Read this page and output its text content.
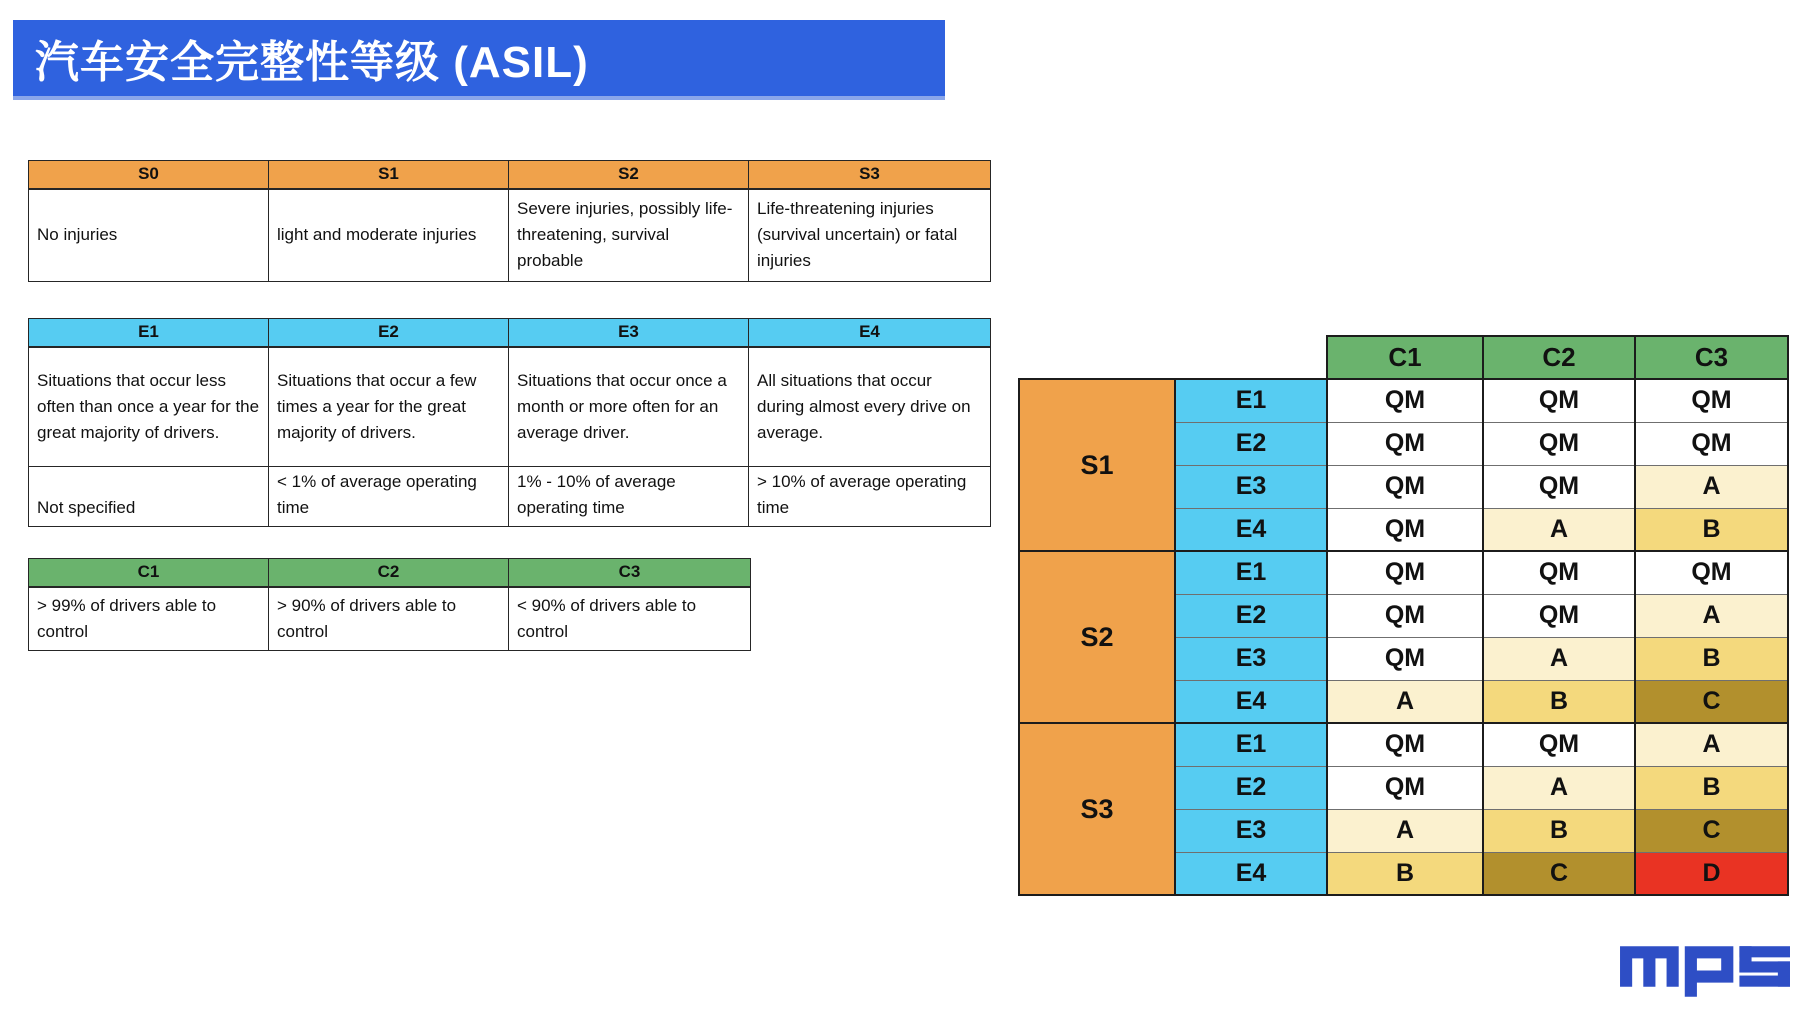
汽车安全完整性等级 (ASIL)
S0	S1	S2	S3
No injuries	light and moderate injuries	Severe injuries, possibly life-threatening, survival probable	Life-threatening injuries (survival uncertain) or fatal injuries
E1	E2	E3	E4
Situations that occur less often than once a year for the great majority of drivers.	Situations that occur a few times a year for the great majority of drivers.	Situations that occur once a month or more often for an average driver.	All situations that occur during almost every drive on average.
Not specified	< 1% of average operating time	1% - 10% of average operating time	> 10% of average operating time
C1	C2	C3
> 99% of drivers able to control	> 90% of drivers able to control	< 90% of drivers able to control
		C1	C2	C3
S1	E1	QM	QM	QM
	E2	QM	QM	QM
	E3	QM	QM	A
	E4	QM	A	B
S2	E1	QM	QM	QM
	E2	QM	QM	A
	E3	QM	A	B
	E4	A	B	C
S3	E1	QM	QM	A
	E2	QM	A	B
	E3	A	B	C
	E4	B	C	D
